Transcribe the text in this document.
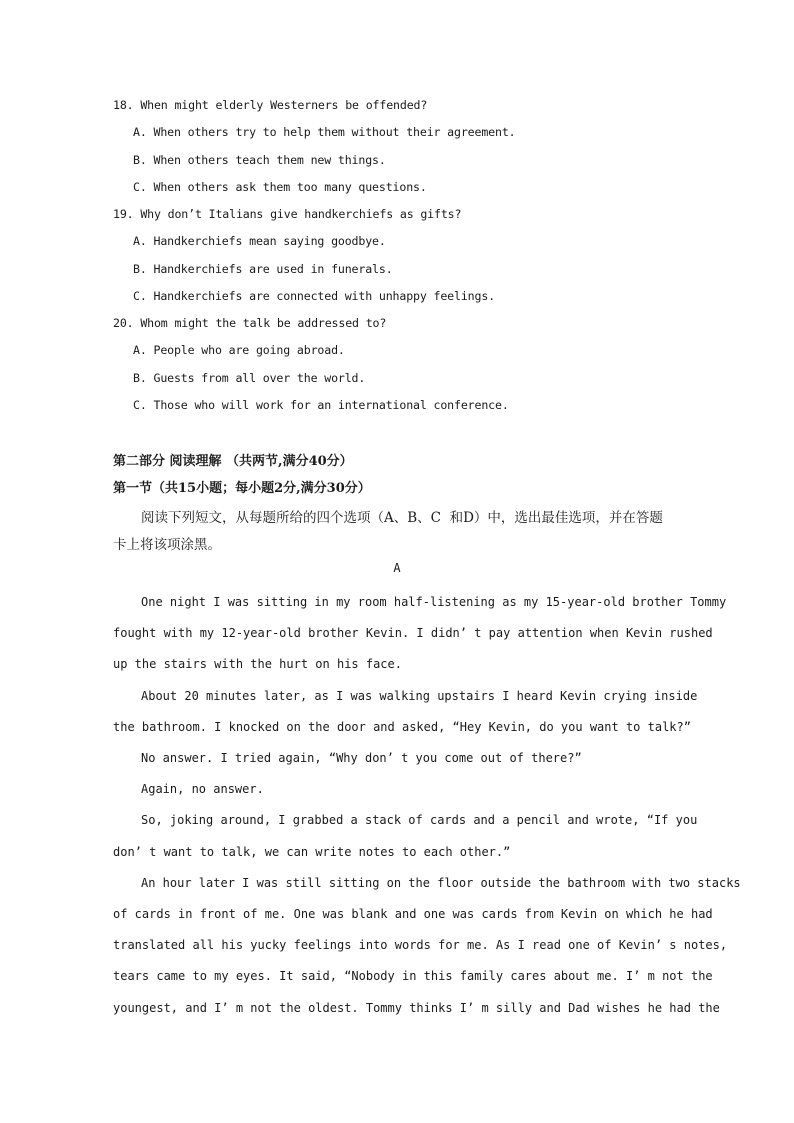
18. When might elderly Westerners be offended?
A. When others try to help them without their agreement.
B. When others teach them new things.
C. When others ask them too many questions.
19. Why don’t Italians give handkerchiefs as gifts?
A. Handkerchiefs mean saying goodbye.
B. Handkerchiefs are used in funerals.
C. Handkerchiefs are connected with unhappy feelings.
20. Whom might the talk be addressed to?
A. People who are going abroad.
B. Guests from all over the world.
C. Those who will work for an international conference.
第二部分 阅读理解 （共两节,满分40分）
第一节（共15小题；每小题2分,满分30分）
阅读下列短文，从每题所给的四个选项（A、B、C  和D）中，选出最佳选项，并在答题
卡上将该项涂黑。
A
One night I was sitting in my room half-listening as my 15-year-old brother Tommy
fought with my 12-year-old brother Kevin. I didn’ t pay attention when Kevin rushed
up the stairs with the hurt on his face.
About 20 minutes later, as I was walking upstairs I heard Kevin crying inside
the bathroom. I knocked on the door and asked, “Hey Kevin, do you want to talk?”
No answer. I tried again, “Why don’ t you come out of there?”
Again, no answer.
So, joking around, I grabbed a stack of cards and a pencil and wrote, “If you
don’ t want to talk, we can write notes to each other.”
An hour later I was still sitting on the floor outside the bathroom with two stacks
of cards in front of me. One was blank and one was cards from Kevin on which he had
translated all his yucky feelings into words for me. As I read one of Kevin’ s notes,
tears came to my eyes. It said, “Nobody in this family cares about me. I’ m not the
youngest, and I’ m not the oldest. Tommy thinks I’ m silly and Dad wishes he had the
